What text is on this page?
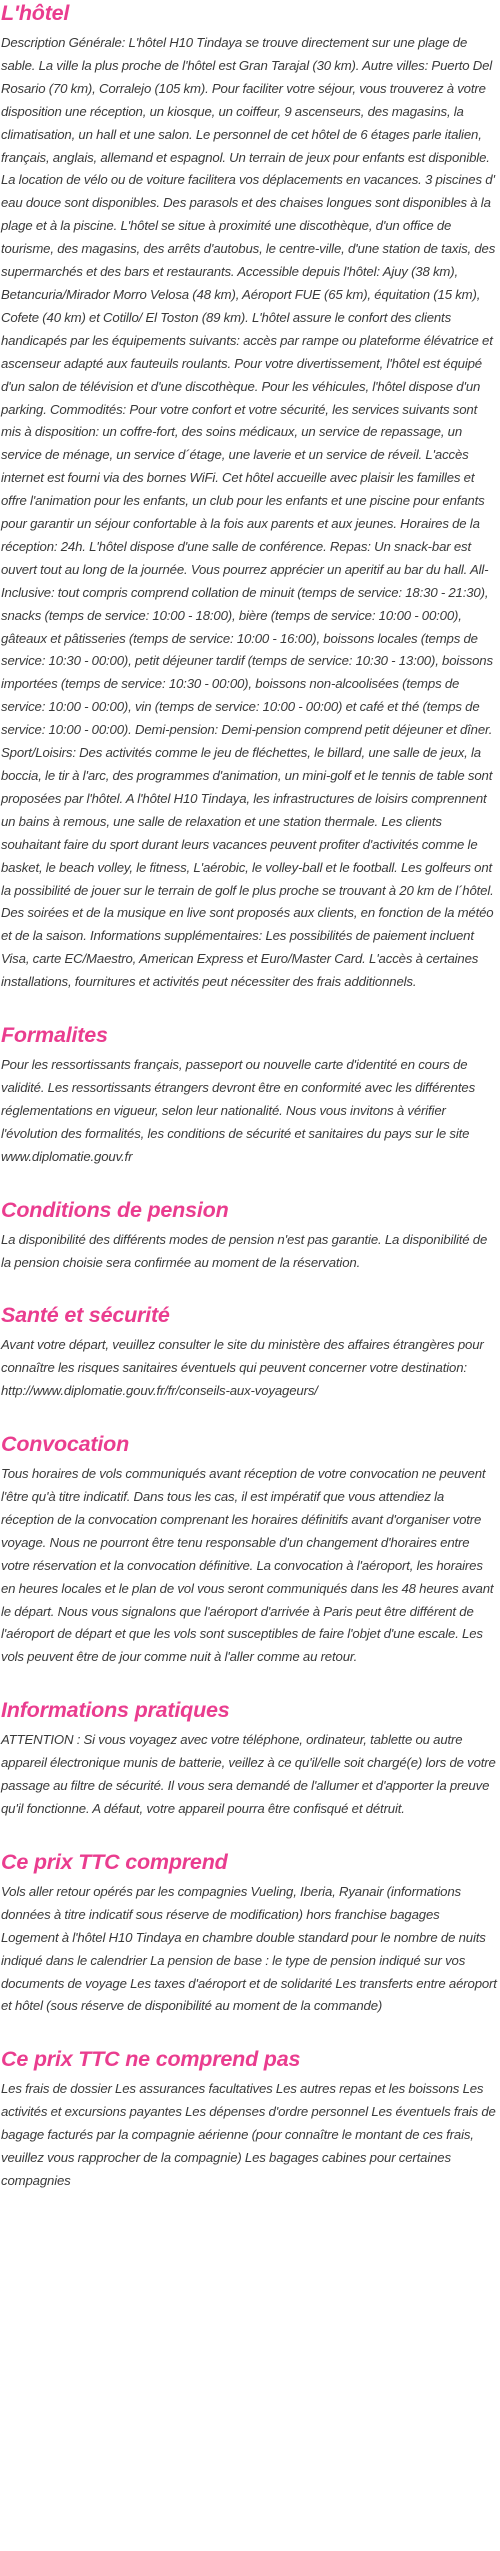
L'hôtel

Description Générale: L'hôtel H10 Tindaya se trouve directement sur une plage de sable. La ville la plus proche de l'hôtel est Gran Tarajal (30 km). Autre villes: Puerto Del Rosario (70 km), Corralejo (105 km). Pour faciliter votre séjour, vous trouverez à votre disposition une réception, un kiosque, un coiffeur, 9 ascenseurs, des magasins, la climatisation, un hall et une salon. Le personnel de cet hôtel de 6 étages parle italien, français, anglais, allemand et espagnol. Un terrain de jeux pour enfants est disponible. La location de vélo ou de voiture facilitera vos déplacements en vacances. 3 piscines d' eau douce sont disponibles. Des parasols et des chaises longues sont disponibles à la plage et à la piscine. L'hôtel se situe à proximité une discothèque, d'un office de tourisme, des magasins, des arrêts d'autobus, le centre-ville, d'une station de taxis, des supermarchés et des bars et restaurants. Accessible depuis l'hôtel: Ajuy (38 km), Betancuria/Mirador Morro Velosa (48 km), Aéroport FUE (65 km), équitation (15 km), Cofete (40 km) et Cotillo/ El Toston (89 km). L'hôtel assure le confort des clients handicapés par les équipements suivants: accès par rampe ou plateforme élévatrice et ascenseur adapté aux fauteuils roulants. Pour votre divertissement, l'hôtel est équipé d'un salon de télévision et d'une discothèque. Pour les véhicules, l'hôtel dispose d'un parking. Commodités: Pour votre confort et votre sécurité, les services suivants sont mis à disposition: un coffre-fort, des soins médicaux, un service de repassage, un service de ménage, un service d´étage, une laverie et un service de réveil. L'accès internet est fourni via des bornes WiFi. Cet hôtel accueille avec plaisir les familles et offre l'animation pour les enfants, un club pour les enfants et une piscine pour enfants pour garantir un séjour confortable à la fois aux parents et aux jeunes. Horaires de la réception: 24h. L'hôtel dispose d'une salle de conférence. Repas: Un snack-bar est ouvert tout au long de la journée. Vous pourrez apprécier un aperitif au bar du hall. All-Inclusive: tout compris comprend collation de minuit (temps de service: 18:30 - 21:30), snacks (temps de service: 10:00 - 18:00), bière (temps de service: 10:00 - 00:00), gâteaux et pâtisseries (temps de service: 10:00 - 16:00), boissons locales (temps de service: 10:30 - 00:00), petit déjeuner tardif (temps de service: 10:30 - 13:00), boissons importées (temps de service: 10:30 - 00:00), boissons non-alcoolisées (temps de service: 10:00 - 00:00), vin (temps de service: 10:00 - 00:00) et café et thé (temps de service: 10:00 - 00:00). Demi-pension: Demi-pension comprend petit déjeuner et dîner. Sport/Loisirs: Des activités comme le jeu de fléchettes, le billard, une salle de jeux, la boccia, le tir à l'arc, des programmes d'animation, un mini-golf et le tennis de table sont proposées par l'hôtel. A l'hôtel H10 Tindaya, les infrastructures de loisirs comprennent un bains à remous, une salle de relaxation et une station thermale. Les clients souhaitant faire du sport durant leurs vacances peuvent profiter d'activités comme le basket, le beach volley, le fitness, L'aérobic, le volley-ball et le football. Les golfeurs ont la possibilité de jouer sur le terrain de golf le plus proche se trouvant à 20 km de l´hôtel. Des soirées et de la musique en live sont proposés aux clients, en fonction de la météo et de la saison. Informations supplémentaires: Les possibilités de paiement incluent Visa, carte EC/Maestro, American Express et Euro/Master Card. L'accès à certaines installations, fournitures et activités peut nécessiter des frais additionnels.

Formalites

Pour les ressortissants français, passeport ou nouvelle carte d'identité en cours de validité. Les ressortissants étrangers devront être en conformité avec les différentes réglementations en vigueur, selon leur nationalité. Nous vous invitons à vérifier l'évolution des formalités, les conditions de sécurité et sanitaires du pays sur le site www.diplomatie.gouv.fr

Conditions de pension

La disponibilité des différents modes de pension n'est pas garantie. La disponibilité de la pension choisie sera confirmée au moment de la réservation.

Santé et sécurité

Avant votre départ, veuillez consulter le site du ministère des affaires étrangères pour connaître les risques sanitaires éventuels qui peuvent concerner votre destination: http://www.diplomatie.gouv.fr/fr/conseils-aux-voyageurs/

Convocation

Tous horaires de vols communiqués avant réception de votre convocation ne peuvent l'être qu'à titre indicatif. Dans tous les cas, il est impératif que vous attendiez la réception de la convocation comprenant les horaires définitifs avant d'organiser votre voyage. Nous ne pourront être tenu responsable d'un changement d'horaires entre votre réservation et la convocation définitive. La convocation à l'aéroport, les horaires en heures locales et le plan de vol vous seront communiqués dans les 48 heures avant le départ. Nous vous signalons que l'aéroport d'arrivée à Paris peut être différent de l'aéroport de départ et que les vols sont susceptibles de faire l'objet d'une escale. Les vols peuvent être de jour comme nuit à l'aller comme au retour.

Informations pratiques

ATTENTION : Si vous voyagez avec votre téléphone, ordinateur, tablette ou autre appareil électronique munis de batterie, veillez à ce qu'il/elle soit chargé(e) lors de votre passage au filtre de sécurité. Il vous sera demandé de l'allumer et d'apporter la preuve qu'il fonctionne. A défaut, votre appareil pourra être confisqué et détruit.

Ce prix TTC comprend

Vols aller retour opérés par les compagnies Vueling, Iberia, Ryanair (informations données à titre indicatif sous réserve de modification) hors franchise bagages Logement à l'hôtel H10 Tindaya en chambre double standard pour le nombre de nuits indiqué dans le calendrier La pension de base : le type de pension indiqué sur vos documents de voyage Les taxes d'aéroport et de solidarité Les transferts entre aéroport et hôtel (sous réserve de disponibilité au moment de la commande)

Ce prix TTC ne comprend pas

Les frais de dossier Les assurances facultatives Les autres repas et les boissons Les activités et excursions payantes Les dépenses d'ordre personnel Les éventuels frais de bagage facturés par la compagnie aérienne (pour connaître le montant de ces frais, veuillez vous rapprocher de la compagnie) Les bagages cabines pour certaines compagnies
